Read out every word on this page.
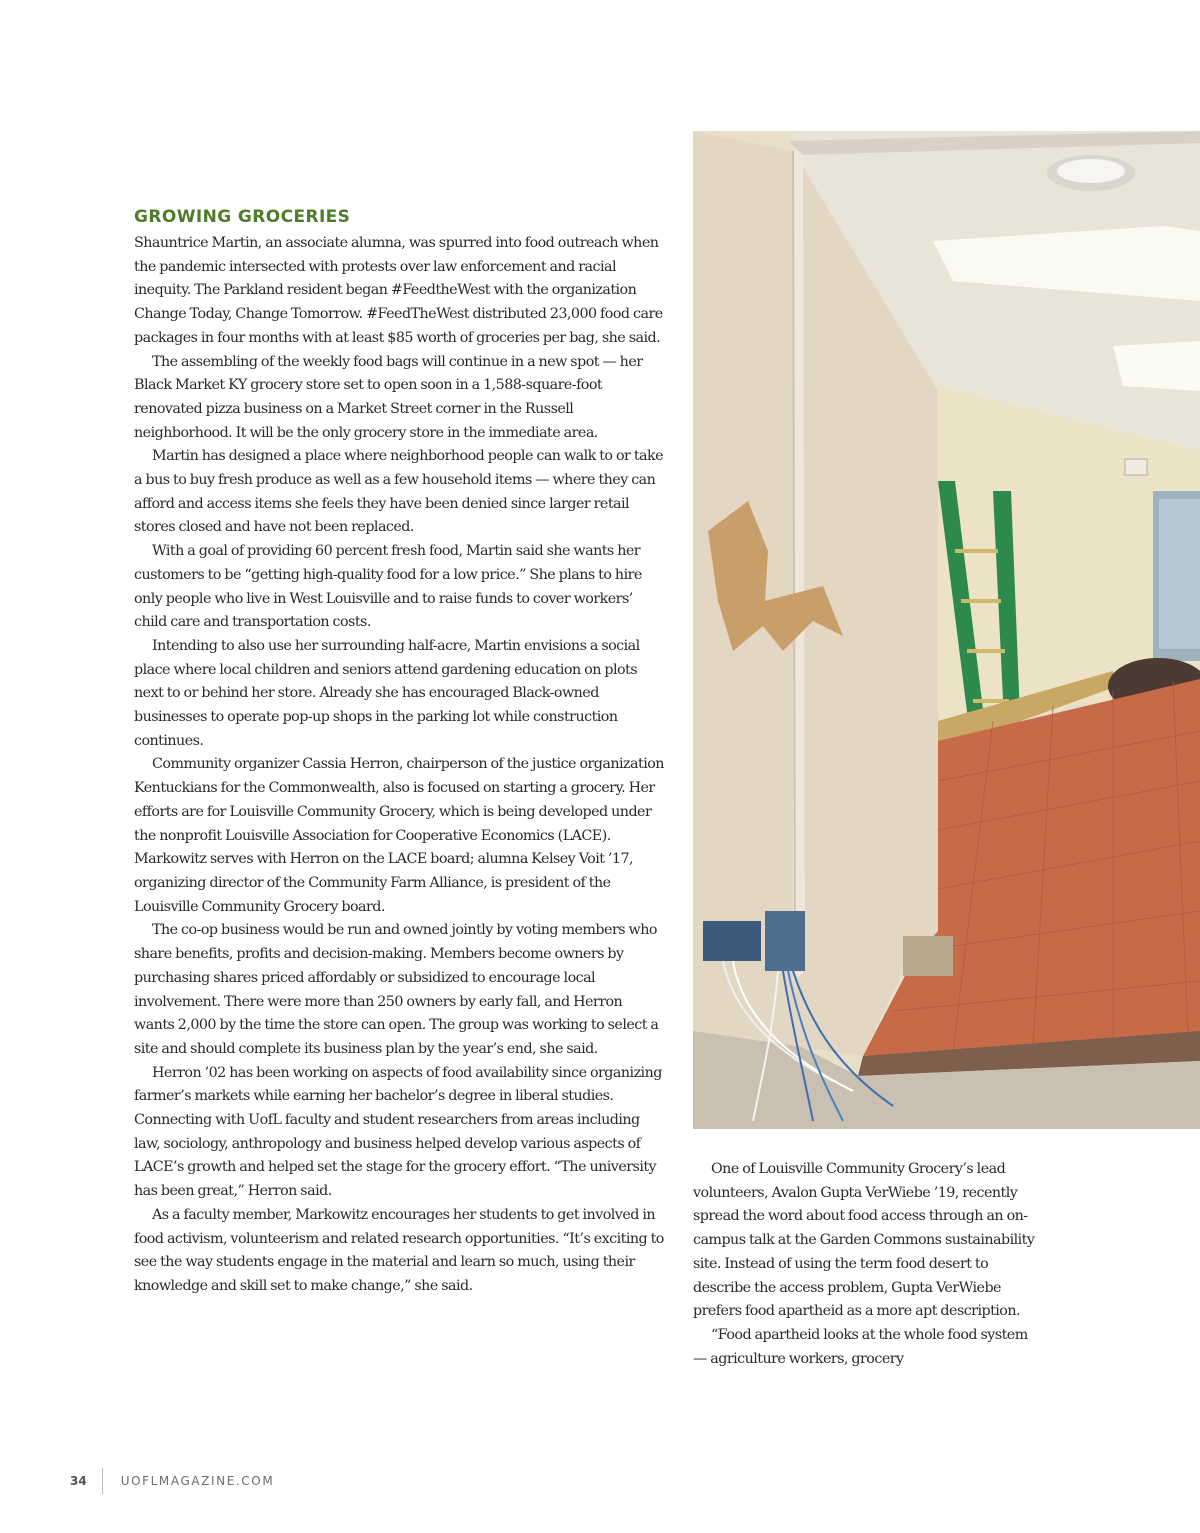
GROWING GROCERIES

Shauntrice Martin, an associate alumna, was spurred into food outreach when the pandemic intersected with protests over law enforcement and racial inequity. The Parkland resident began #FeedtheWest with the organization Change Today, Change Tomorrow. #FeedTheWest distributed 23,000 food care packages in four months with at least $85 worth of groceries per bag, she said.

The assembling of the weekly food bags will continue in a new spot — her Black Market KY grocery store set to open soon in a 1,588-square-foot renovated pizza business on a Market Street corner in the Russell neighborhood. It will be the only grocery store in the immediate area.

Martin has designed a place where neighborhood people can walk to or take a bus to buy fresh produce as well as a few household items — where they can afford and access items she feels they have been denied since larger retail stores closed and have not been replaced.

With a goal of providing 60 percent fresh food, Martin said she wants her customers to be “getting high-quality food for a low price.” She plans to hire only people who live in West Louisville and to raise funds to cover workers’ child care and transportation costs.

Intending to also use her surrounding half-acre, Martin envisions a social place where local children and seniors attend gardening education on plots next to or behind her store. Already she has encouraged Black-owned businesses to operate pop-up shops in the parking lot while construction continues.

Community organizer Cassia Herron, chairperson of the justice organization Kentuckians for the Commonwealth, also is focused on starting a grocery. Her efforts are for Louisville Community Grocery, which is being developed under the nonprofit Louisville Association for Cooperative Economics (LACE). Markowitz serves with Herron on the LACE board; alumna Kelsey Voit ’17, organizing director of the Community Farm Alliance, is president of the Louisville Community Grocery board.

The co-op business would be run and owned jointly by voting members who share benefits, profits and decision-making. Members become owners by purchasing shares priced affordably or subsidized to encourage local involvement. There were more than 250 owners by early fall, and Herron wants 2,000 by the time the store can open. The group was working to select a site and should complete its business plan by the year’s end, she said.

Herron ’02 has been working on aspects of food availability since organizing farmer’s markets while earning her bachelor’s degree in liberal studies. Connecting with UofL faculty and student researchers from areas including law, sociology, anthropology and business helped develop various aspects of LACE’s growth and helped set the stage for the grocery effort. “The university has been great,” Herron said.

As a faculty member, Markowitz encourages her students to get involved in food activism, volunteerism and related research opportunities. “It’s exciting to see the way students engage in the material and learn so much, using their knowledge and skill set to make change,” she said.

One of Louisville Community Grocery’s lead volunteers, Avalon Gupta VerWiebe ’19, recently spread the word about food access through an on-campus talk at the Garden Commons sustainability site. Instead of using the term food desert to describe the access problem, Gupta VerWiebe prefers food apartheid as a more apt description.

“Food apartheid looks at the whole food system — agriculture workers, grocery

34	UOFLMAGAZINE.COM
